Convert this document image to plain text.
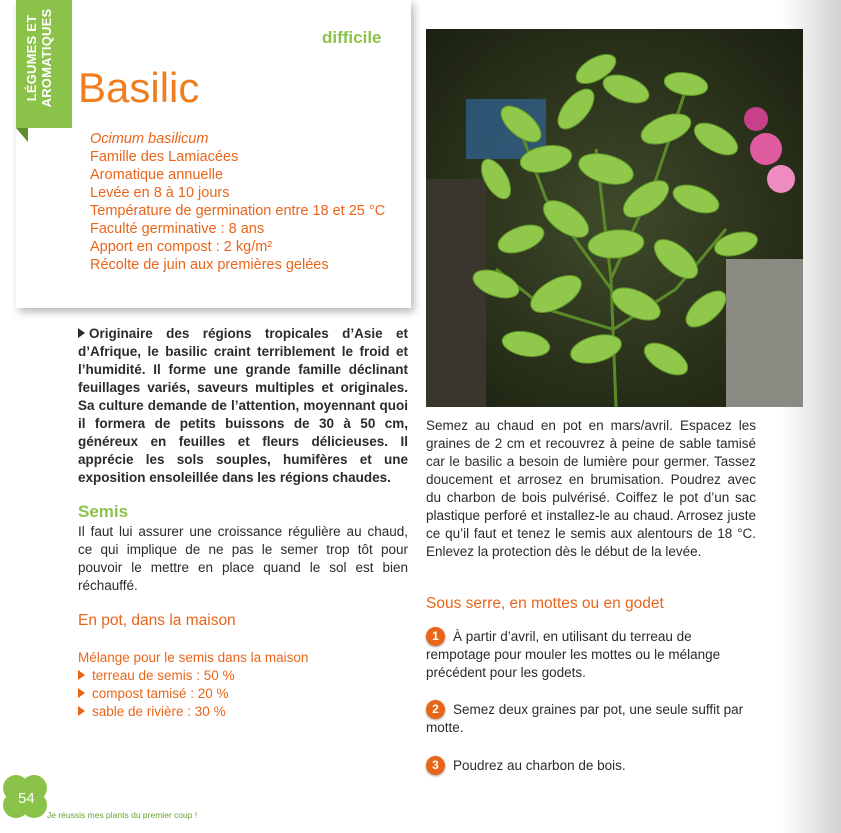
LÉGUMES ET AROMATIQUES	difficile
Basilic
Ocimum basilicum
Famille des Lamiacées
Aromatique annuelle
Levée en 8 à 10 jours
Température de germination entre 18 et 25 °C
Faculté germinative : 8 ans
Apport en compost : 2 kg/m²
Récolte de juin aux premières gelées
Originaire des régions tropicales d’Asie et d’Afrique, le basilic craint terriblement le froid et l’humidité. Il forme une grande famille déclinant feuillages variés, saveurs multiples et originales. Sa culture demande de l’attention, moyennant quoi il formera de petits buissons de 30 à 50 cm, généreux en feuilles et fleurs délicieuses. Il apprécie les sols souples, humifères et une exposition ensoleillée dans les régions chaudes.
Semis
Il faut lui assurer une croissance régulière au chaud, ce qui implique de ne pas le semer trop tôt pour pouvoir le mettre en place quand le sol est bien réchauffé.
En pot, dans la maison
Mélange pour le semis dans la maison
terreau de semis : 50 %
compost tamisé : 20 %
sable de rivière : 30 %
Semez au chaud en pot en mars/avril. Espacez les graines de 2 cm et recouvrez à peine de sable tamisé car le basilic a besoin de lumière pour germer. Tassez doucement et arrosez en brumisation. Poudrez avec du charbon de bois pulvérisé. Coiffez le pot d’un sac plastique perforé et installez-le au chaud. Arrosez juste ce qu’il faut et tenez le semis aux alentours de 18 °C. Enlevez la protection dès le début de la levée.
Sous serre, en mottes ou en godet
1 À partir d’avril, en utilisant du terreau de rempotage pour mouler les mottes ou le mélange précédent pour les godets.
2 Semez deux graines par pot, une seule suffit par motte.
3 Poudrez au charbon de bois.
54
Je réussis mes plants du premier coup !
